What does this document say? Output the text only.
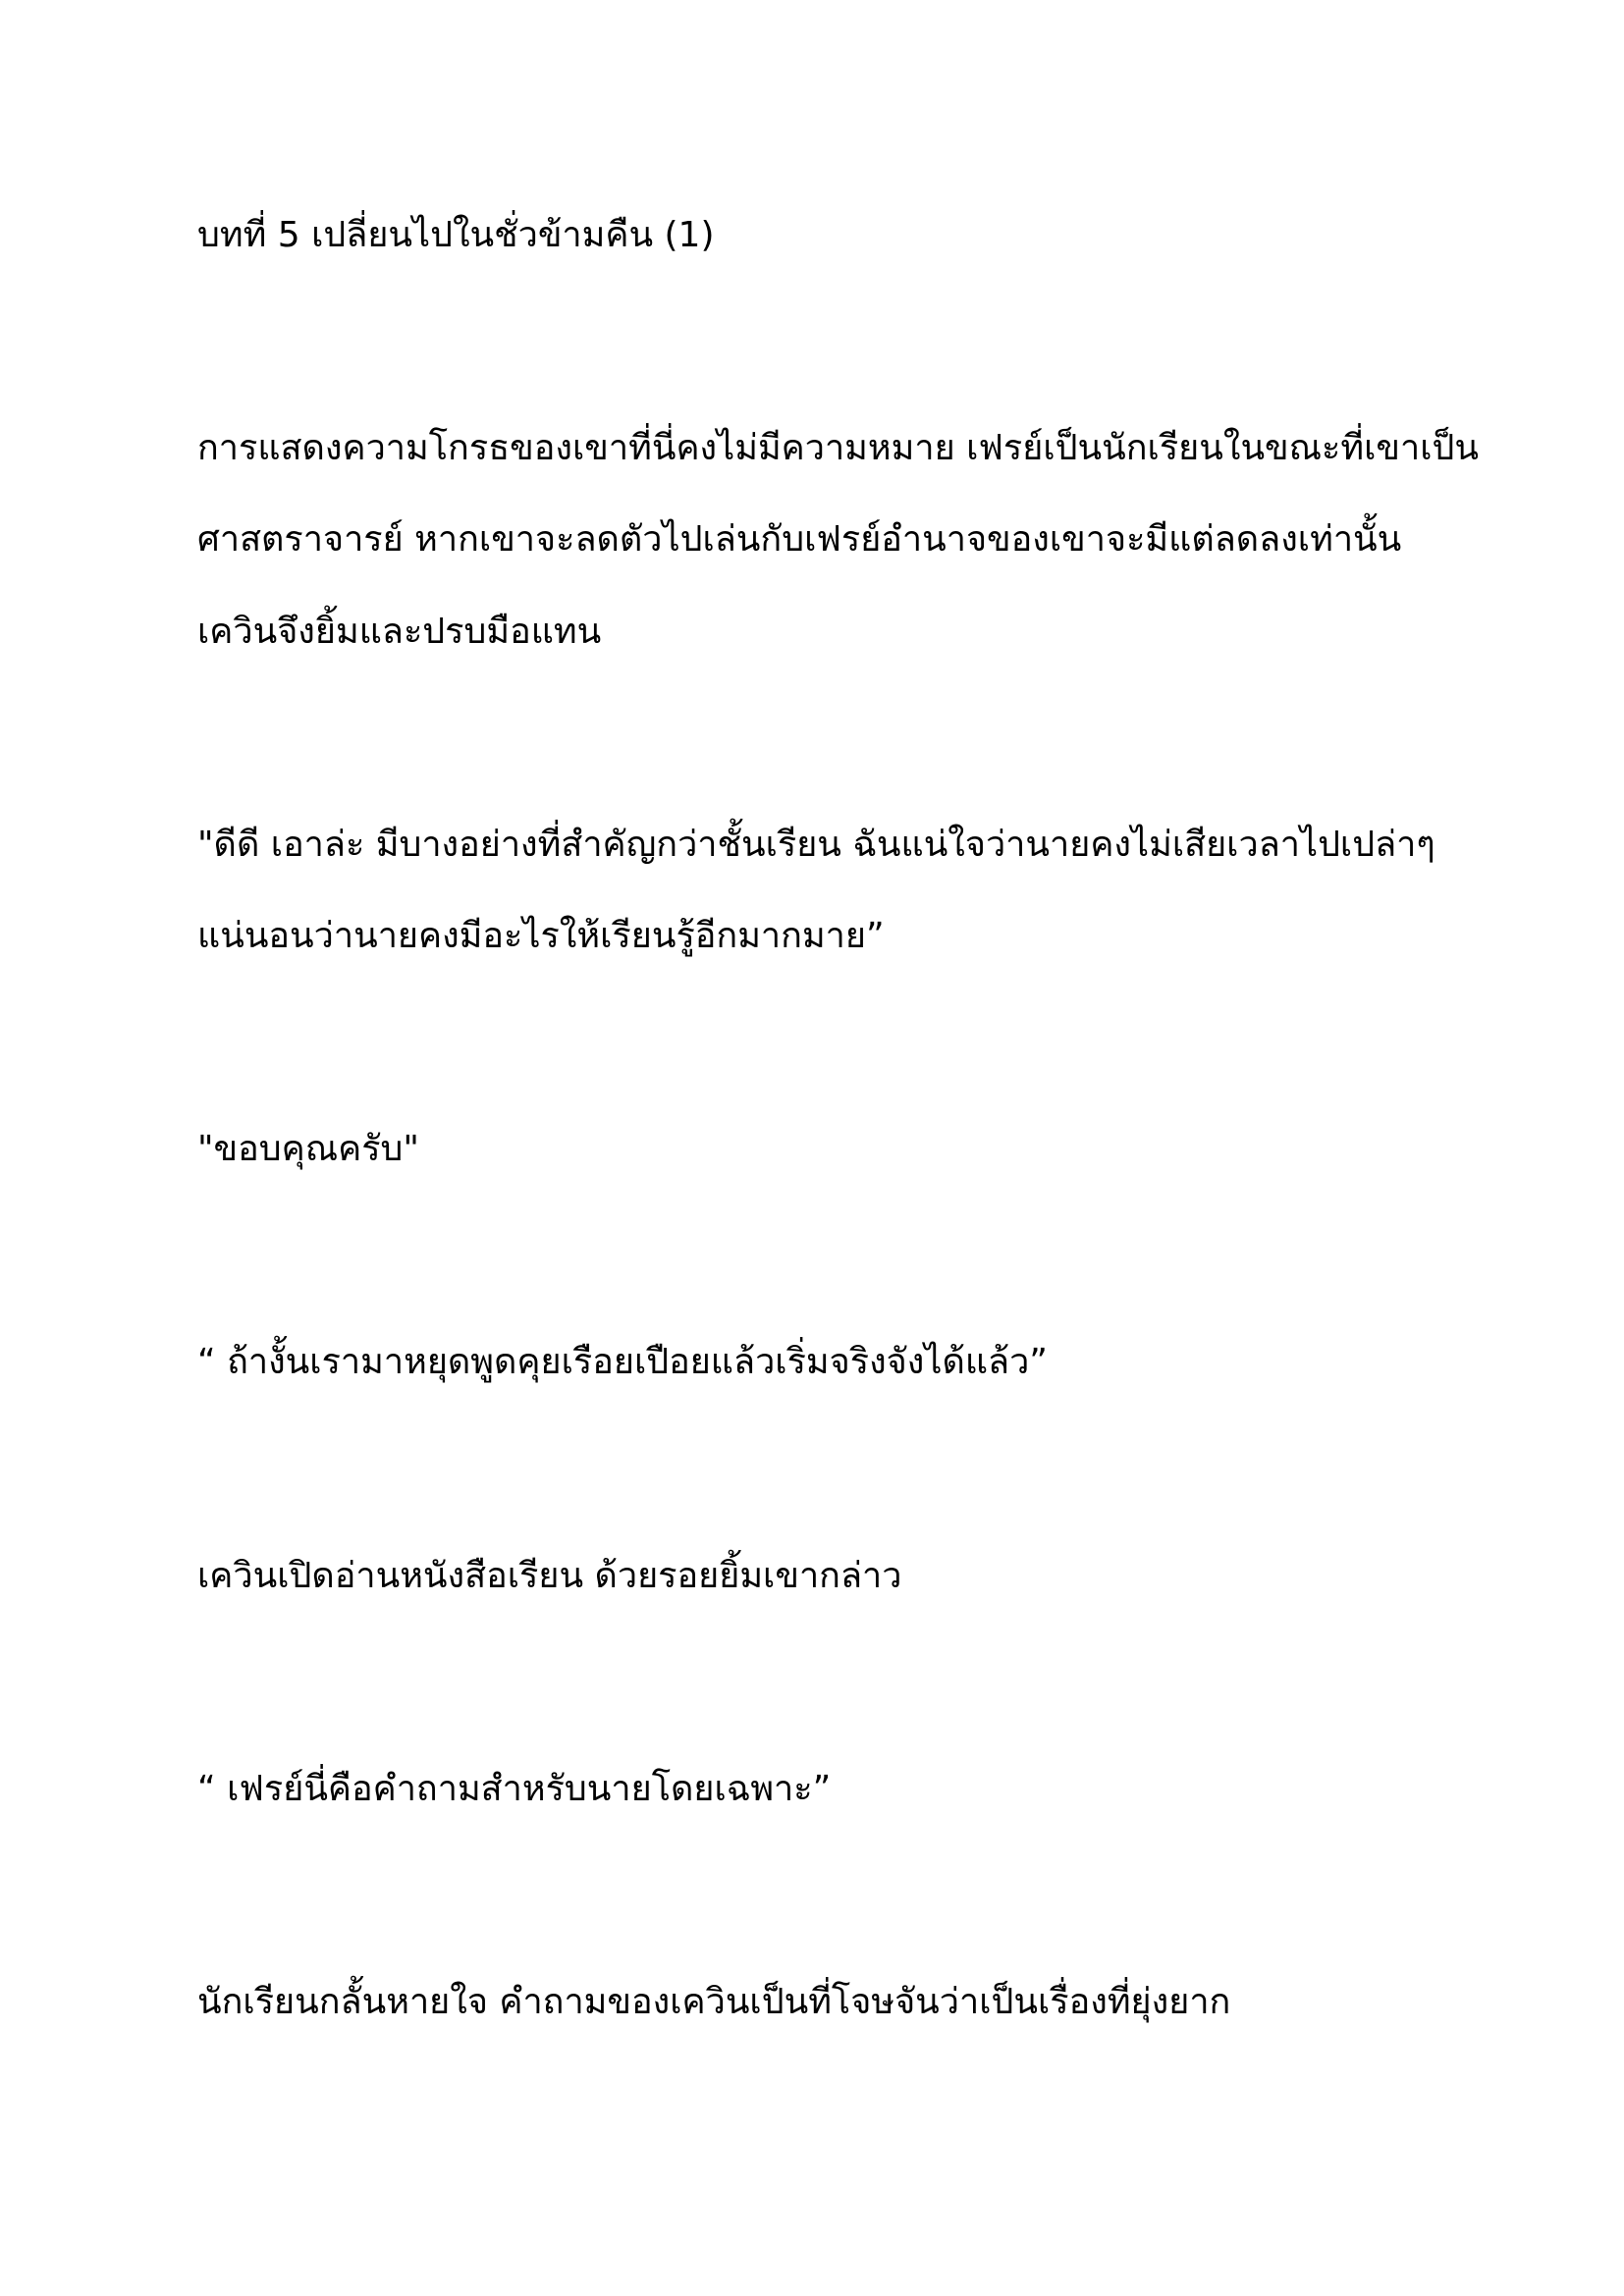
บทที่ 5 เปลี่ยนไปในชั่วข้ามคืน (1)

การแสดงความโกรธของเขาที่นี่คงไม่มีความหมาย เฟรย์เป็นนักเรียนในขณะที่เขาเป็น

ศาสตราจารย์ หากเขาจะลดตัวไปเล่นกับเฟรย์อำนาจของเขาจะมีแต่ลดลงเท่านั้น

เควินจึงยิ้มและปรบมือแทน

"ดีดี เอาล่ะ มีบางอย่างที่สำคัญกว่าชั้นเรียน ฉันแน่ใจว่านายคงไม่เสียเวลาไปเปล่าๆ

แน่นอนว่านายคงมีอะไรให้เรียนรู้อีกมากมาย”

"ขอบคุณครับ"

“ ถ้างั้นเรามาหยุดพูดคุยเรือยเปือยแล้วเริ่มจริงจังได้แล้ว”

เควินเปิดอ่านหนังสือเรียน ด้วยรอยยิ้มเขากล่าว

“ เฟรย์นี่คือคำถามสำหรับนายโดยเฉพาะ”

นักเรียนกลั้นหายใจ คำถามของเควินเป็นที่โจษจันว่าเป็นเรื่องที่ยุ่งยาก
